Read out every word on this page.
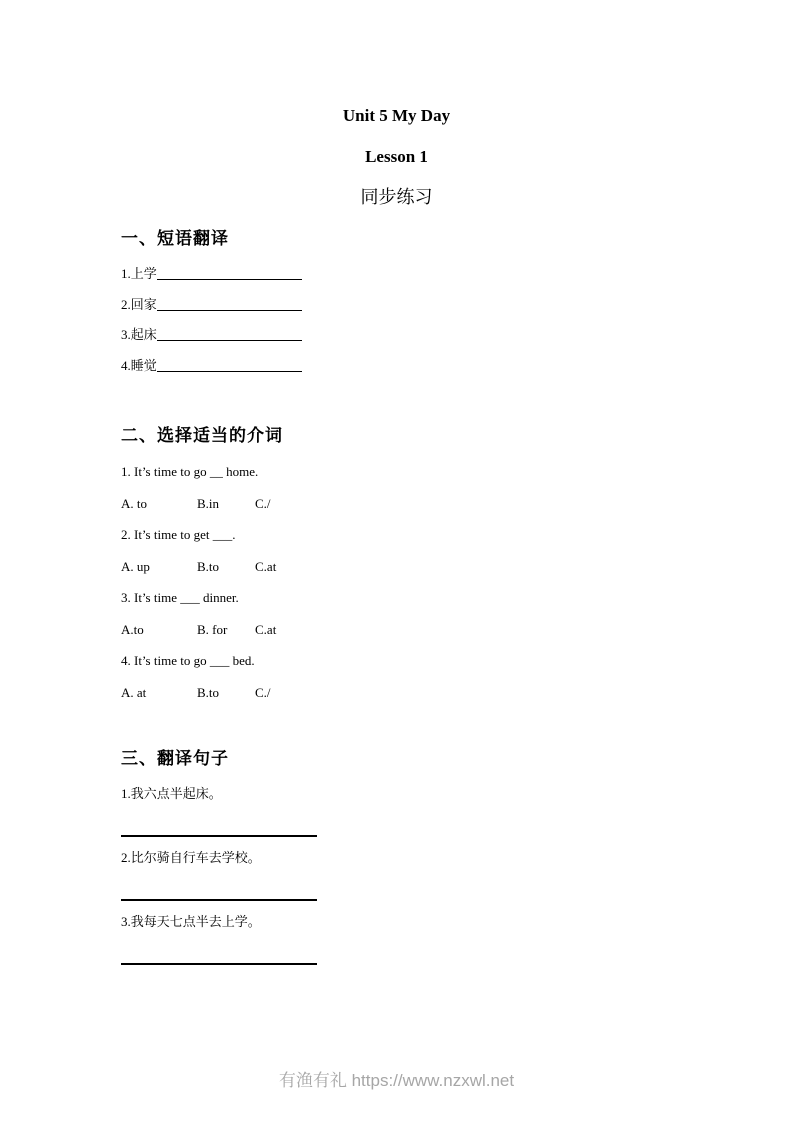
Unit 5 My Day
Lesson 1
同步练习
一、短语翻译

1.上学

2.回家

3.起床

4.睡觉

二、选择适当的介词

1. It’s time to go __ home.

A. to	B.in	C./

2. It’s time to get ___.

A. up	B.to	C.at

3. It’s time ___ dinner.

A.to	B. for C.at

4. It’s time to go ___ bed.

A. at	B.to	C./

三、翻译句子

1.我六点半起床。

2.比尔骑自行车去学校。

3.我每天七点半去上学。

有渔有礼 https://www.nzxwl.net
